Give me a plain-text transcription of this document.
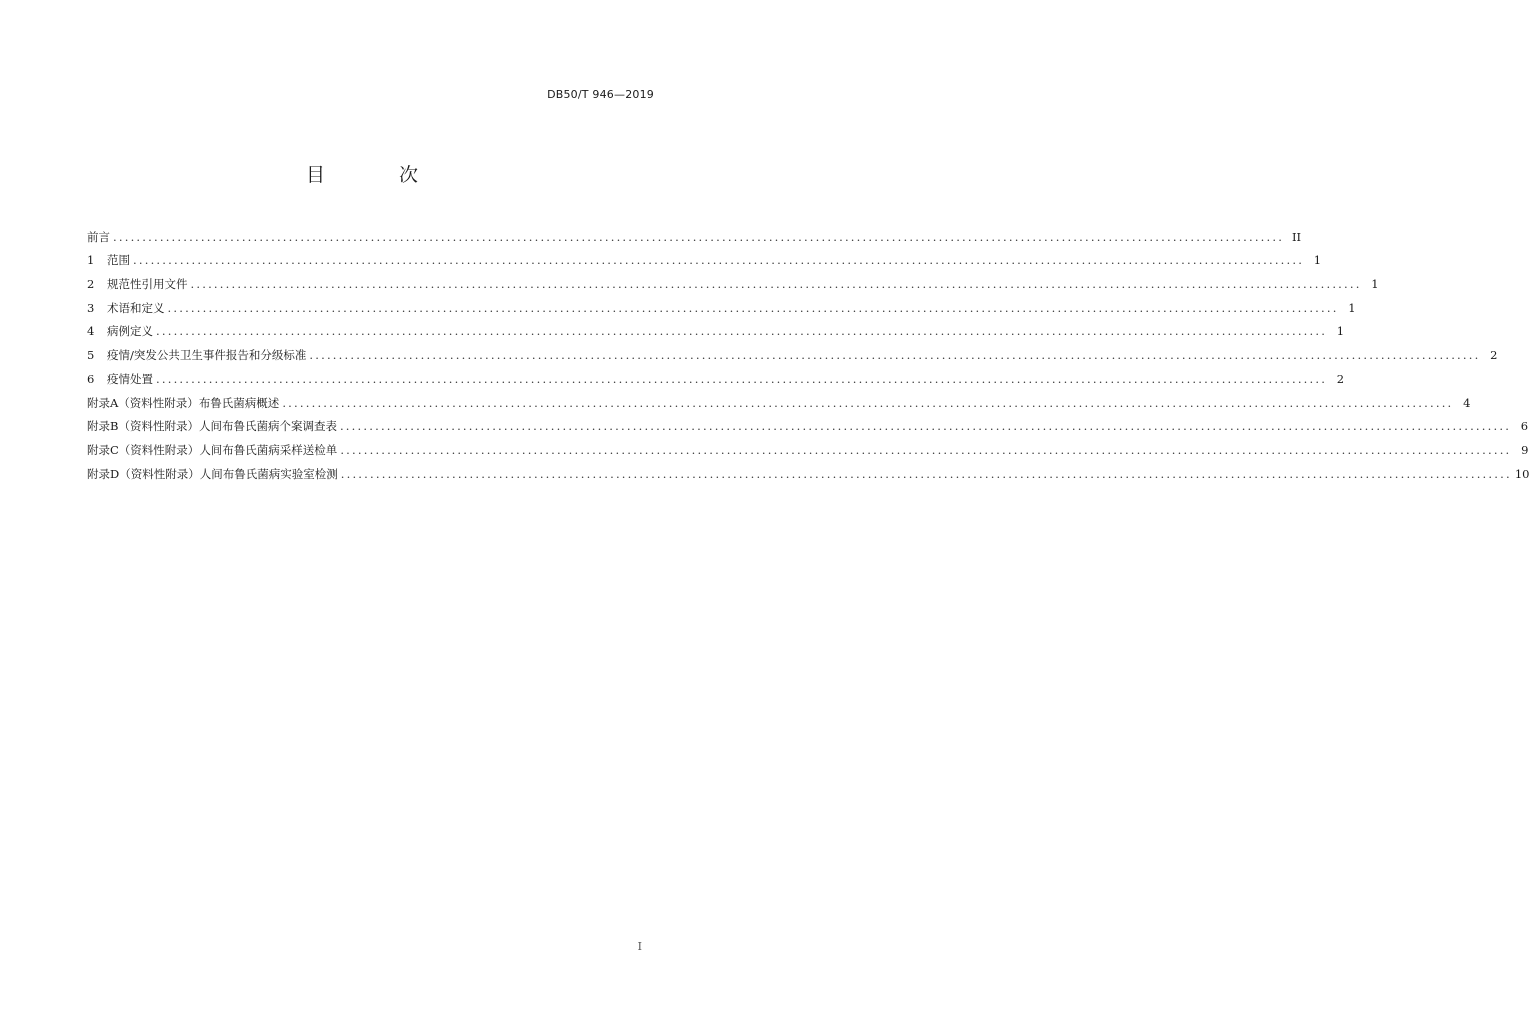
DB50/T 946—2019
目 次
前言 ........................................................................................................................................................................................................ II
1	范围 ........................................................................................................................................................................................................ 1
2	规范性引用文件 ........................................................................................................................................................................................................ 1
3	术语和定义 ........................................................................................................................................................................................................ 1
4	病例定义 ........................................................................................................................................................................................................ 1
5	疫情/突发公共卫生事件报告和分级标准 ........................................................................................................................................................................................................ 2
6	疫情处置 ........................................................................................................................................................................................................ 2
附录A（资料性附录） 布鲁氏菌病概述 ........................................................................................................................................................................................................ 4
附录B（资料性附录） 人间布鲁氏菌病个案调查表 ........................................................................................................................................................................................................ 6
附录C（资料性附录） 人间布鲁氏菌病采样送检单 ........................................................................................................................................................................................................ 9
附录D（资料性附录） 人间布鲁氏菌病实验室检测 ........................................................................................................................................................................................................ 10
I
